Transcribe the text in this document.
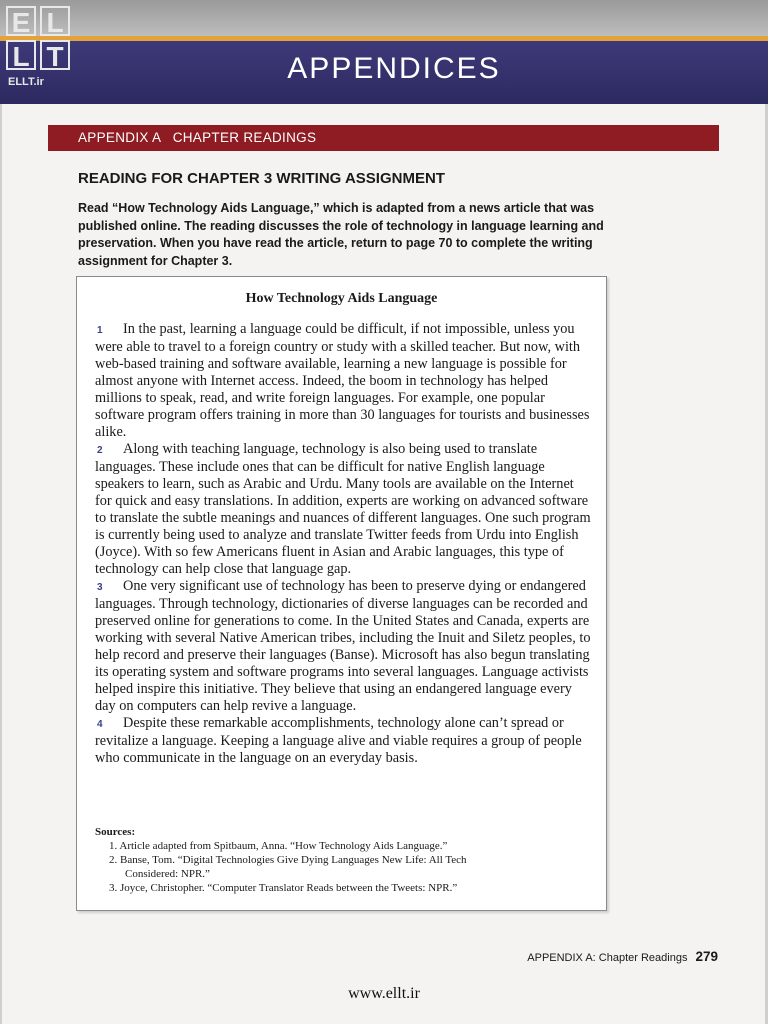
APPENDICES
E L
L T
ELLT.ir
APPENDIX A   CHAPTER READINGS
READING FOR CHAPTER 3 WRITING ASSIGNMENT
Read “How Technology Aids Language,” which is adapted from a news article that was published online. The reading discusses the role of technology in language learning and preservation. When you have read the article, return to page 70 to complete the writing assignment for Chapter 3.
How Technology Aids Language

1 In the past, learning a language could be difficult, if not impossible, unless you were able to travel to a foreign country or study with a skilled teacher. But now, with web-based training and software available, learning a new language is possible for almost anyone with Internet access. Indeed, the boom in technology has helped millions to speak, read, and write foreign languages. For example, one popular software program offers training in more than 30 languages for tourists and businesses alike.

2 Along with teaching language, technology is also being used to translate languages. These include ones that can be difficult for native English language speakers to learn, such as Arabic and Urdu. Many tools are available on the Internet for quick and easy translations. In addition, experts are working on advanced software to translate the subtle meanings and nuances of different languages. One such program is currently being used to analyze and translate Twitter feeds from Urdu into English (Joyce). With so few Americans fluent in Asian and Arabic languages, this type of technology can help close that language gap.

3 One very significant use of technology has been to preserve dying or endangered languages. Through technology, dictionaries of diverse languages can be recorded and preserved online for generations to come. In the United States and Canada, experts are working with several Native American tribes, including the Inuit and Siletz peoples, to help record and preserve their languages (Banse). Microsoft has also begun translating its operating system and software programs into several languages. Language activists helped inspire this initiative. They believe that using an endangered language every day on computers can help revive a language.

4 Despite these remarkable accomplishments, technology alone can’t spread or revitalize a language. Keeping a language alive and viable requires a group of people who communicate in the language on an everyday basis.

Sources:
1. Article adapted from Spitbaum, Anna. “How Technology Aids Language.”
2. Banse, Tom. “Digital Technologies Give Dying Languages New Life: All Tech
Considered: NPR.”
3. Joyce, Christopher. “Computer Translator Reads between the Tweets: NPR.”
APPENDIX A: Chapter Readings 279
www.ellt.ir
